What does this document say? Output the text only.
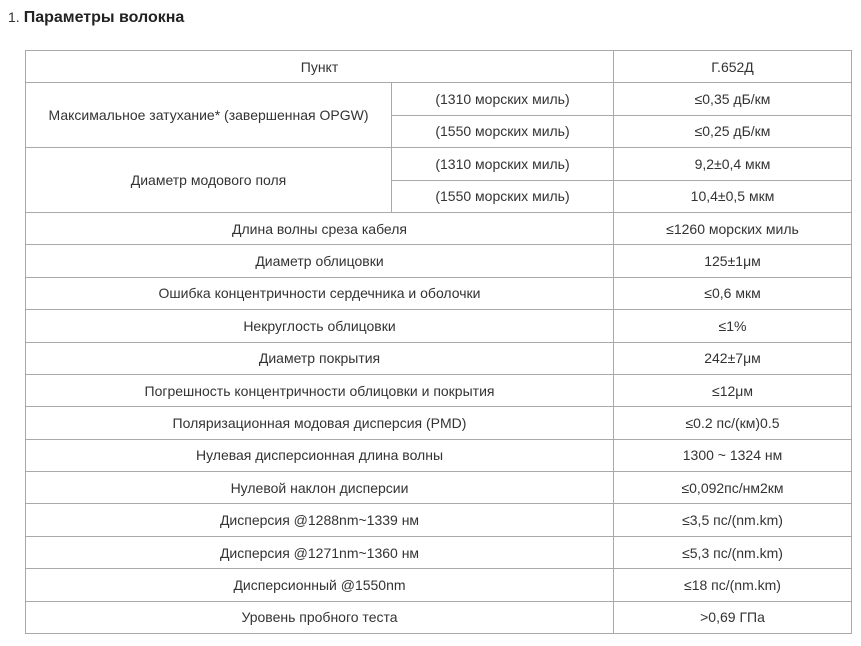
1. Параметры волокна
Пункт		Г.652Д
Максимальное затухание* (завершенная OPGW)	(1310 морских миль)	≤0,35 дБ/км
	(1550 морских миль)	≤0,25 дБ/км
Диаметр модового поля	(1310 морских миль)	9,2±0,4 мкм
	(1550 морских миль)	10,4±0,5 мкм
Длина волны среза кабеля		≤1260 морских миль
Диаметр облицовки		125±1μм
Ошибка концентричности сердечника и оболочки		≤0,6 мкм
Некруглость облицовки		≤1%
Диаметр покрытия		242±7μм
Погрешность концентричности облицовки и покрытия		≤12μм
Поляризационная модовая дисперсия (PMD)		≤0.2 пс/(км)0.5
Нулевая дисперсионная длина волны		1300 ~ 1324 нм
Нулевой наклон дисперсии		≤0,092пс/нм2км
Дисперсия @1288nm~1339 нм		≤3,5 пс/(nm.km)
Дисперсия @1271nm~1360 нм		≤5,3 пс/(nm.km)
Дисперсионный @1550nm		≤18 пс/(nm.km)
Уровень пробного теста		>0,69 ГПа
